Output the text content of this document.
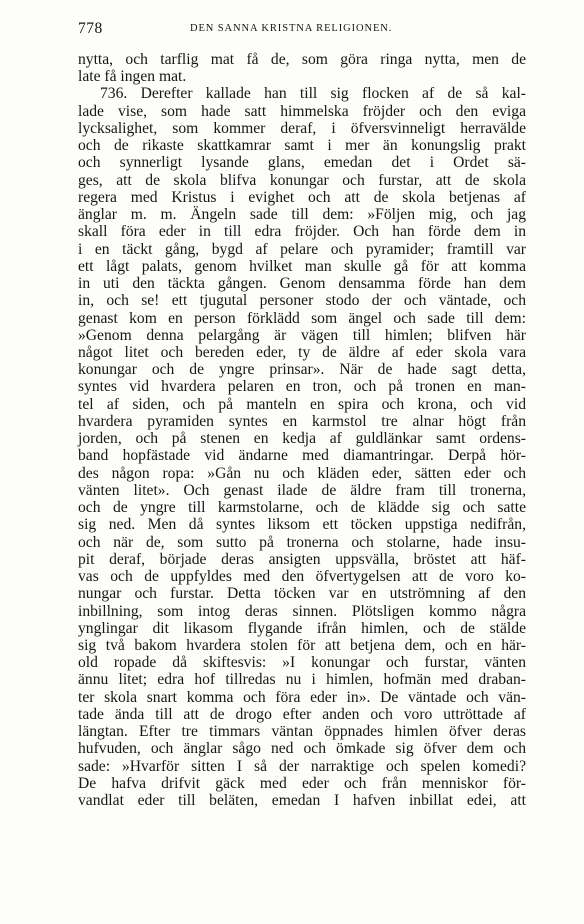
778	DEN SANNA KRISTNA RELIGIONEN.
nytta, och tarflig mat få de, som göra ringa nytta, men de
late få ingen mat.
736. Derefter kallade han till sig flocken af de så kal-
lade vise, som hade satt himmelska fröjder och den eviga
lycksalighet, som kommer deraf, i öfversvinneligt herravälde
och de rikaste skattkamrar samt i mer än konungslig prakt
och synnerligt lysande glans, emedan det i Ordet sä-
ges, att de skola blifva konungar och furstar, att de skola
regera med Kristus i evighet och att de skola betjenas af
änglar m. m. Ängeln sade till dem: »Följen mig, och jag
skall föra eder in till edra fröjder. Och han förde dem in
i en täckt gång, bygd af pelare och pyramider; framtill var
ett lågt palats, genom hvilket man skulle gå för att komma
in uti den täckta gången. Genom densamma förde han dem
in, och se! ett tjugutal personer stodo der och väntade, och
genast kom en person förklädd som ängel och sade till dem:
»Genom denna pelargång är vägen till himlen; blifven här
något litet och bereden eder, ty de äldre af eder skola vara
konungar och de yngre prinsar». När de hade sagt detta,
syntes vid hvardera pelaren en tron, och på tronen en man-
tel af siden, och på manteln en spira och krona, och vid
hvardera pyramiden syntes en karmstol tre alnar högt från
jorden, och på stenen en kedja af guldlänkar samt ordens-
band hopfästade vid ändarne med diamantringar. Derpå hör-
des någon ropa: »Gån nu och kläden eder, sätten eder och
vänten litet». Och genast ilade de äldre fram till tronerna,
och de yngre till karmstolarne, och de klädde sig och satte
sig ned. Men då syntes liksom ett töcken uppstiga nedifrån,
och när de, som sutto på tronerna och stolarne, hade insu-
pit deraf, började deras ansigten uppsvälla, bröstet att häf-
vas och de uppfyldes med den öfvertygelsen att de voro ko-
nungar och furstar. Detta töcken var en utströmning af den
inbillning, som intog deras sinnen. Plötsligen kommo några
ynglingar dit likasom flygande ifrån himlen, och de stälde
sig två bakom hvardera stolen för att betjena dem, och en här-
old ropade då skiftesvis: »I konungar och furstar, vänten
ännu litet; edra hof tillredas nu i himlen, hofmän med draban-
ter skola snart komma och föra eder in». De väntade och vän-
tade ända till att de drogo efter anden och voro uttröttade af
längtan. Efter tre timmars väntan öppnades himlen öfver deras
hufvuden, och änglar sågo ned och ömkade sig öfver dem och
sade: »Hvarför sitten I så der narraktige och spelen komedi?
De hafva drifvit gäck med eder och från menniskor för-
vandlat eder till beläten, emedan I hafven inbillat edei, att
